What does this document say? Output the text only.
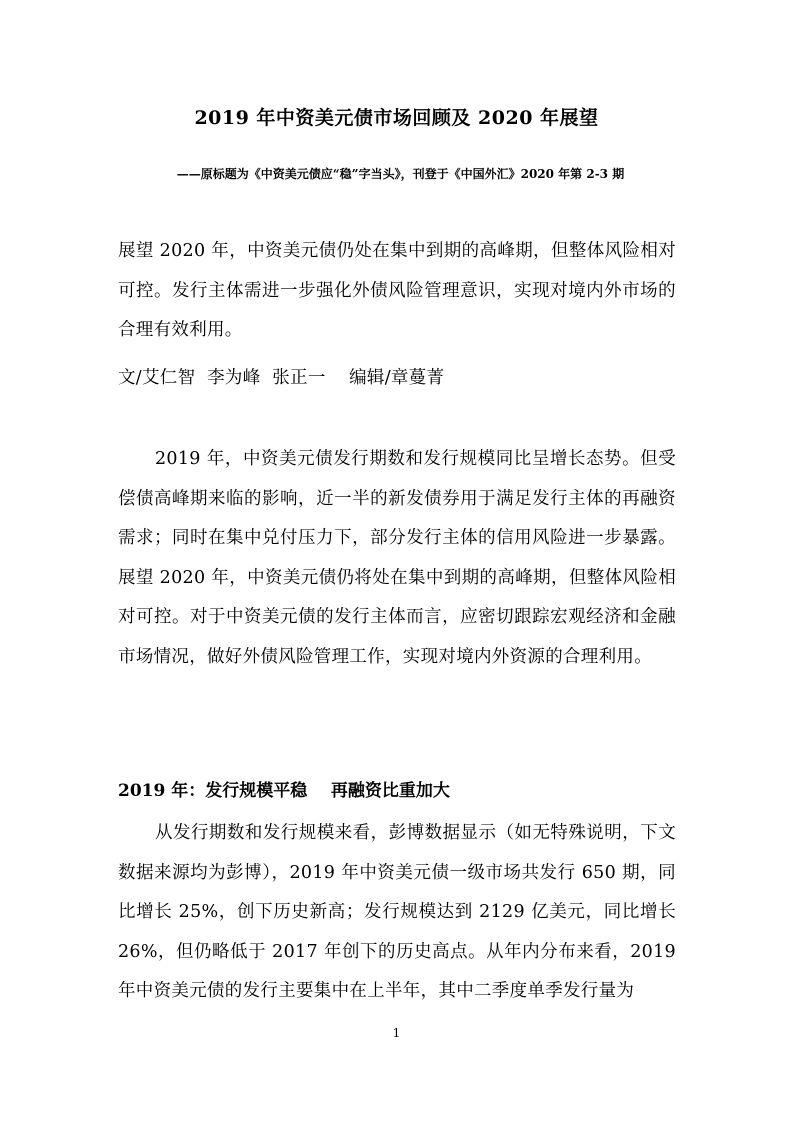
2019 年中资美元债市场回顾及 2020 年展望
——原标题为《中资美元债应“稳”字当头》，刊登于《中国外汇》2020 年第 2-3 期
展望 2020 年，中资美元债仍处在集中到期的高峰期，但整体风险相对可控。发行主体需进一步强化外债风险管理意识，实现对境内外市场的合理有效利用。
文/艾仁智  李为峰  张正一    编辑/章蔓菁
2019 年，中资美元债发行期数和发行规模同比呈增长态势。但受偿债高峰期来临的影响，近一半的新发债券用于满足发行主体的再融资需求；同时在集中兑付压力下，部分发行主体的信用风险进一步暴露。展望 2020 年，中资美元债仍将处在集中到期的高峰期，但整体风险相对可控。对于中资美元债的发行主体而言，应密切跟踪宏观经济和金融市场情况，做好外债风险管理工作，实现对境内外资源的合理利用。
2019 年：发行规模平稳    再融资比重加大
从发行期数和发行规模来看，彭博数据显示（如无特殊说明，下文数据来源均为彭博），2019 年中资美元债一级市场共发行 650 期，同比增长 25%，创下历史新高；发行规模达到 2129 亿美元，同比增长 26%，但仍略低于 2017 年创下的历史高点。从年内分布来看，2019 年中资美元债的发行主要集中在上半年，其中二季度单季发行量为
1
